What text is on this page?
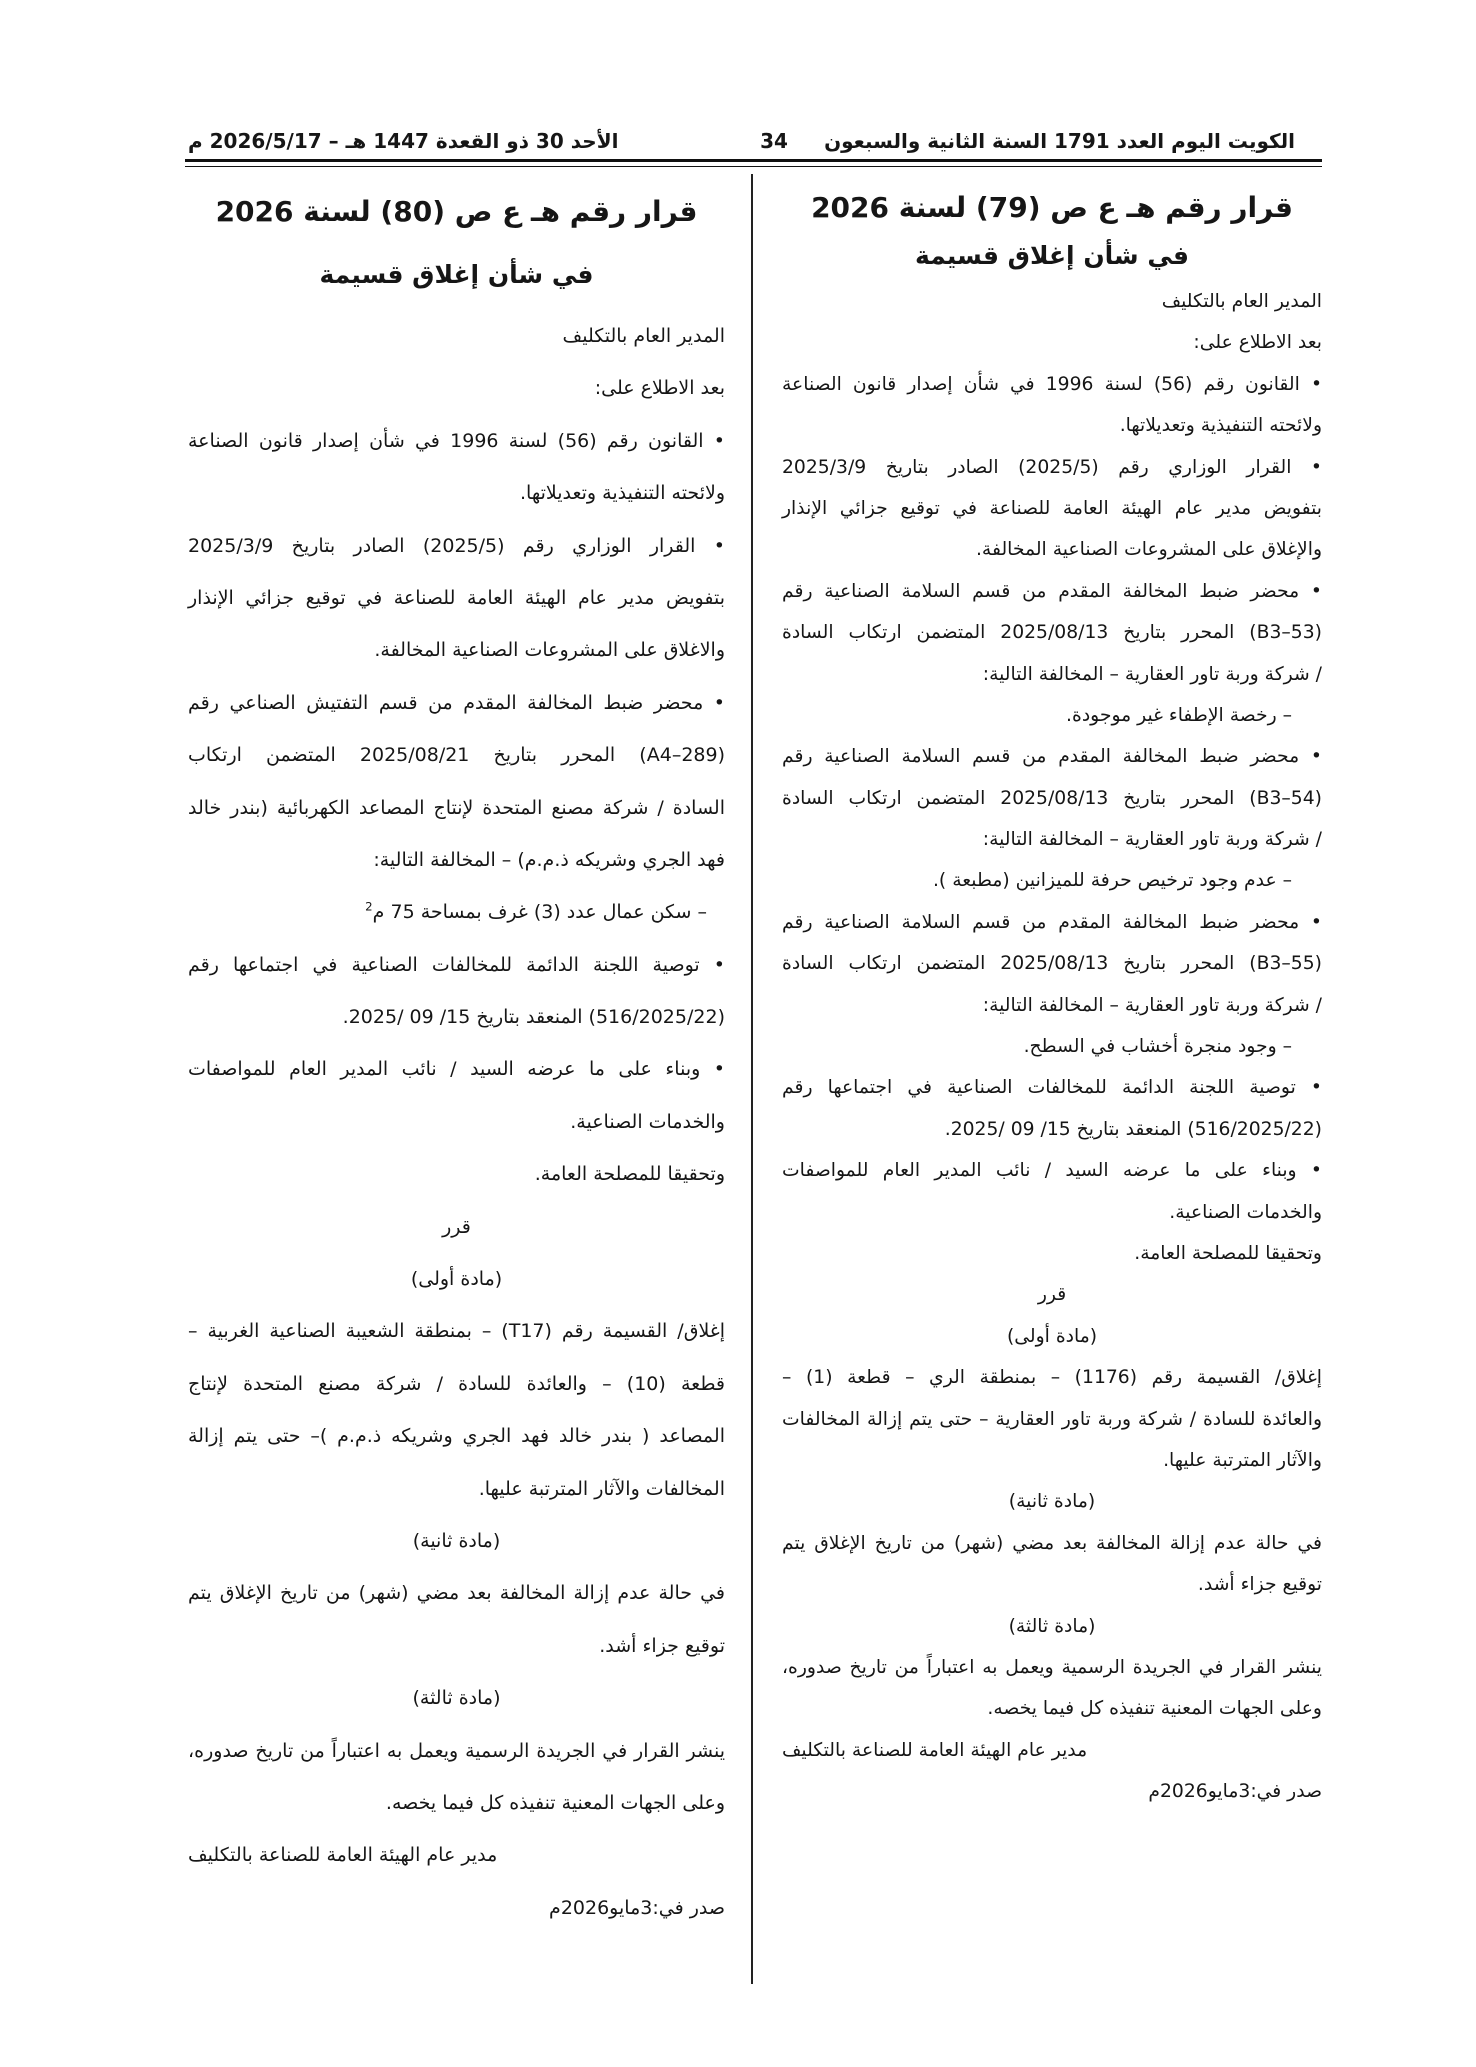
الكويت اليوم العدد 1791 السنة الثانية والسبعون
34
الأحد 30 ذو القعدة 1447 هـ – 2026/5/17 م
قرار رقم هـ ع ص (79) لسنة 2026
في شأن إغلاق قسيمة
المدير العام بالتكليف
بعد الاطلاع على:
• القانون رقم (56) لسنة 1996 في شأن إصدار قانون الصناعة
ولائحته التنفيذية وتعديلاتها.
• القرار الوزاري رقم (2025/5) الصادر بتاريخ 2025/3/9
بتفويض مدير عام الهيئة العامة للصناعة في توقيع جزائي الإنذار
والإغلاق على المشروعات الصناعية المخالفة.
• محضر ضبط المخالفة المقدم من قسم السلامة الصناعية رقم
(B3–53) المحرر بتاريخ 2025/08/13 المتضمن ارتكاب السادة
/ شركة وربة تاور العقارية – المخالفة التالية:
– رخصة الإطفاء غير موجودة.
• محضر ضبط المخالفة المقدم من قسم السلامة الصناعية رقم
(B3–54) المحرر بتاريخ 2025/08/13 المتضمن ارتكاب السادة
/ شركة وربة تاور العقارية – المخالفة التالية:
– عدم وجود ترخيص حرفة للميزانين (مطبعة ).
• محضر ضبط المخالفة المقدم من قسم السلامة الصناعية رقم
(B3–55) المحرر بتاريخ 2025/08/13 المتضمن ارتكاب السادة
/ شركة وربة تاور العقارية – المخالفة التالية:
– وجود منجرة أخشاب في السطح.
• توصية اللجنة الدائمة للمخالفات الصناعية في اجتماعها رقم
(516/2025/22) المنعقد بتاريخ 15/ 09 /2025.
• وبناء على ما عرضه السيد / نائب المدير العام للمواصفات
والخدمات الصناعية.
وتحقيقا للمصلحة العامة.
قرر
(مادة أولى)
إغلاق/ القسيمة رقم (1176) – بمنطقة الري – قطعة (1) –
والعائدة للسادة / شركة وربة تاور العقارية – حتى يتم إزالة المخالفات
والآثار المترتبة عليها.
(مادة ثانية)
في حالة عدم إزالة المخالفة بعد مضي (شهر) من تاريخ الإغلاق يتم
توقيع جزاء أشد.
(مادة ثالثة)
ينشر القرار في الجريدة الرسمية ويعمل به اعتباراً من تاريخ صدوره،
وعلى الجهات المعنية تنفيذه كل فيما يخصه.
مدير عام الهيئة العامة للصناعة بالتكليف
صدر في:3مايو2026م
قرار رقم هـ ع ص (80) لسنة 2026
في شأن إغلاق قسيمة
المدير العام بالتكليف
بعد الاطلاع على:
• القانون رقم (56) لسنة 1996 في شأن إصدار قانون الصناعة
ولائحته التنفيذية وتعديلاتها.
• القرار الوزاري رقم (2025/5) الصادر بتاريخ 2025/3/9
بتفويض مدير عام الهيئة العامة للصناعة في توقيع جزائي الإنذار
والاغلاق على المشروعات الصناعية المخالفة.
• محضر ضبط المخالفة المقدم من قسم التفتيش الصناعي رقم
(A4–289) المحرر بتاريخ 2025/08/21 المتضمن ارتكاب
السادة / شركة مصنع المتحدة لإنتاج المصاعد الكهربائية (بندر خالد
فهد الجري وشريكه ذ.م.م) – المخالفة التالية:
– سكن عمال عدد (3) غرف بمساحة 75 م$^2$
• توصية اللجنة الدائمة للمخالفات الصناعية في اجتماعها رقم
(516/2025/22) المنعقد بتاريخ 15/ 09 /2025.
• وبناء على ما عرضه السيد / نائب المدير العام للمواصفات
والخدمات الصناعية.
وتحقيقا للمصلحة العامة.
قرر
(مادة أولى)
إغلاق/ القسيمة رقم (T17) – بمنطقة الشعيبة الصناعية الغربية –
قطعة (10) – والعائدة للسادة / شركة مصنع المتحدة لإنتاج
المصاعد ( بندر خالد فهد الجري وشريكه ذ.م.م )– حتى يتم إزالة
المخالفات والآثار المترتبة عليها.
(مادة ثانية)
في حالة عدم إزالة المخالفة بعد مضي (شهر) من تاريخ الإغلاق يتم
توقيع جزاء أشد.
(مادة ثالثة)
ينشر القرار في الجريدة الرسمية ويعمل به اعتباراً من تاريخ صدوره،
وعلى الجهات المعنية تنفيذه كل فيما يخصه.
مدير عام الهيئة العامة للصناعة بالتكليف
صدر في:3مايو2026م
